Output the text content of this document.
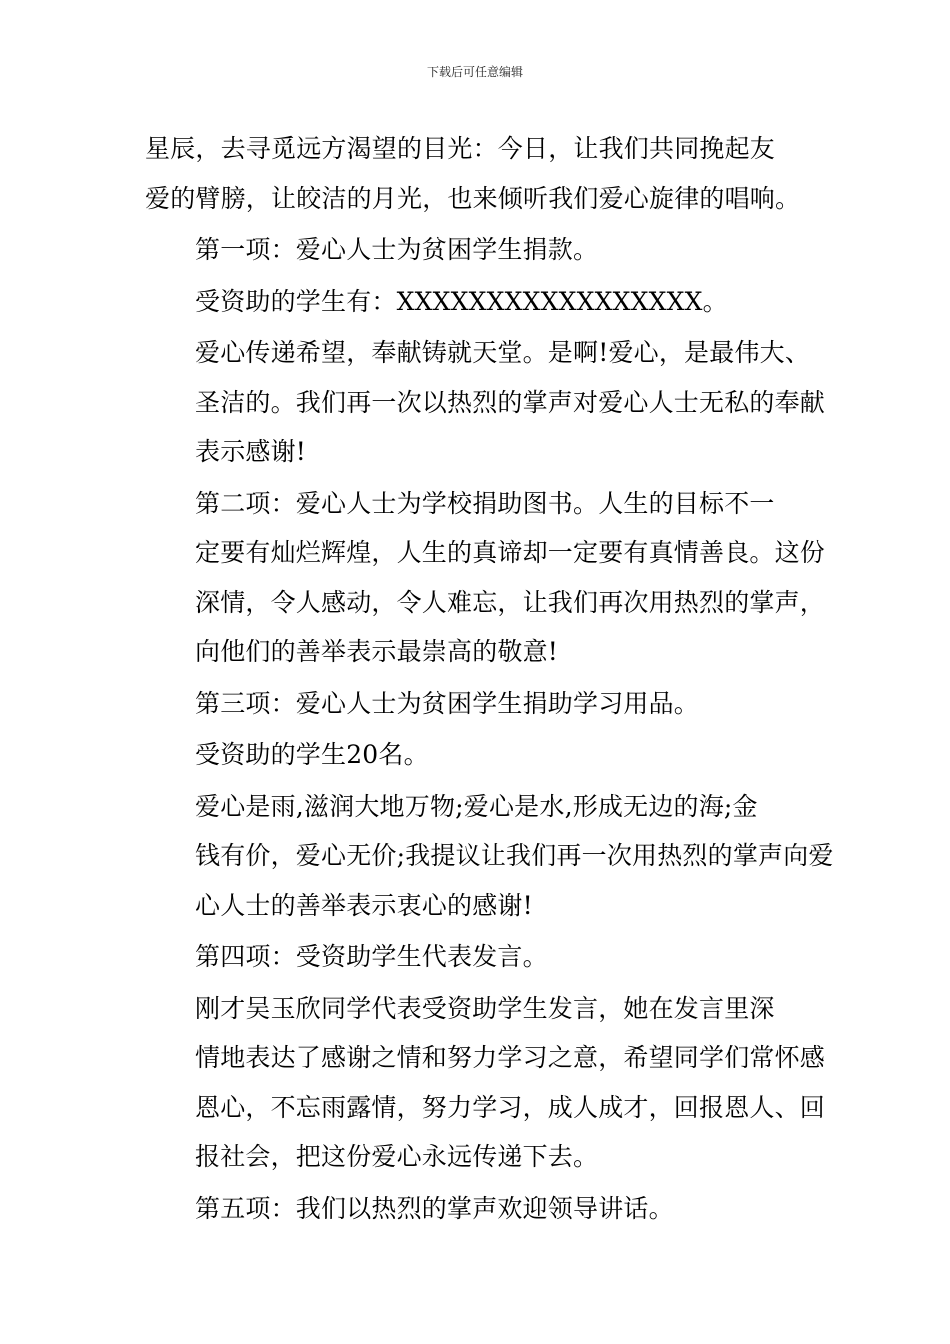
下载后可任意编辑

星辰，去寻觅远方渴望的目光：今日，让我们共同挽起友
爱的臂膀，让皎洁的月光，也来倾听我们爱心旋律的唱响。

第一项：爱心人士为贫困学生捐款。

受资助的学生有：XXXXXXXXXXXXXXXXX。

爱心传递希望，奉献铸就天堂。是啊!爱心，是最伟大、
圣洁的。我们再一次以热烈的掌声对爱心人士无私的奉献
表示感谢!

第二项：爱心人士为学校捐助图书。人生的目标不一
定要有灿烂辉煌，人生的真谛却一定要有真情善良。这份
深情，令人感动，令人难忘，让我们再次用热烈的掌声，
向他们的善举表示最崇高的敬意!

第三项：爱心人士为贫困学生捐助学习用品。

受资助的学生20名。

爱心是雨,滋润大地万物;爱心是水,形成无边的海;金
钱有价，爱心无价;我提议让我们再一次用热烈的掌声向爱
心人士的善举表示衷心的感谢!

第四项：受资助学生代表发言。

刚才吴玉欣同学代表受资助学生发言，她在发言里深
情地表达了感谢之情和努力学习之意，希望同学们常怀感
恩心，不忘雨露情，努力学习，成人成才，回报恩人、回
报社会，把这份爱心永远传递下去。

第五项：我们以热烈的掌声欢迎领导讲话。
